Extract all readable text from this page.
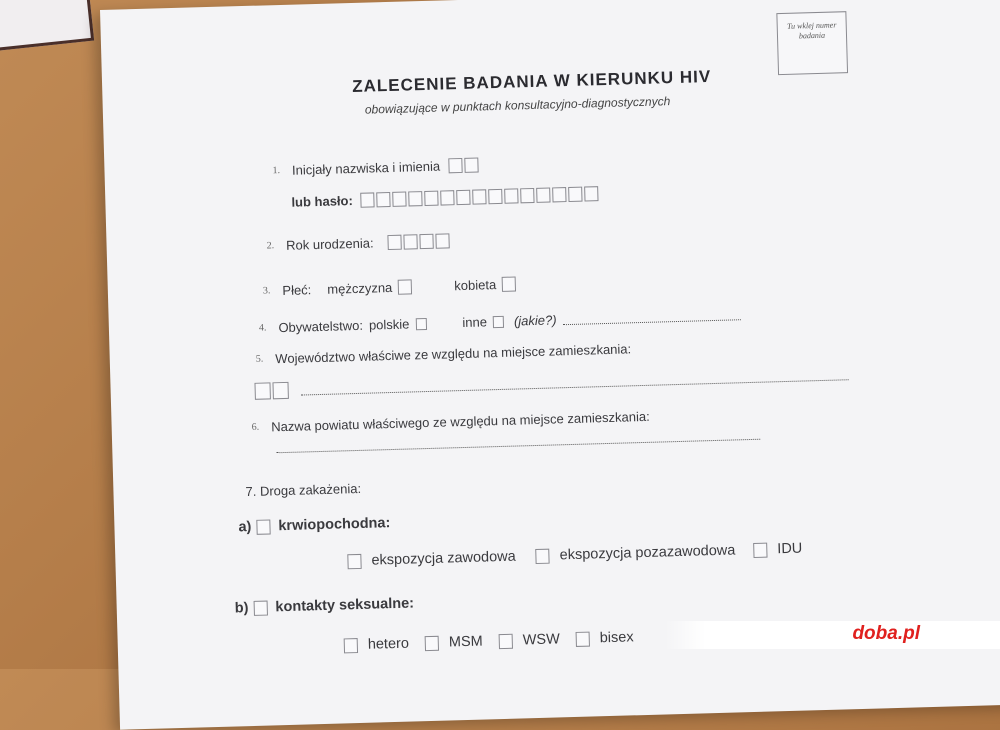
Tu wklej numer badania
ZALECENIE BADANIA W KIERUNKU HIV
obowiązujące w punktach konsultacyjno-diagnostycznych
1. Inicjały nazwiska i imienia
lub hasło:
2. Rok urodzenia:
3. Płeć: mężczyzna	kobieta
4. Obywatelstwo: polskie	inne (jakie?)
5. Województwo właściwe ze względu na miejsce zamieszkania:
6. Nazwa powiatu właściwego ze względu na miejsce zamieszkania:
7. Droga zakażenia:
a) krwiopochodna:
ekspozycja zawodowa	ekspozycja pozazawodowa	IDU
b) kontakty seksualne:
hetero	MSM	WSW	bisex	doba.pl
